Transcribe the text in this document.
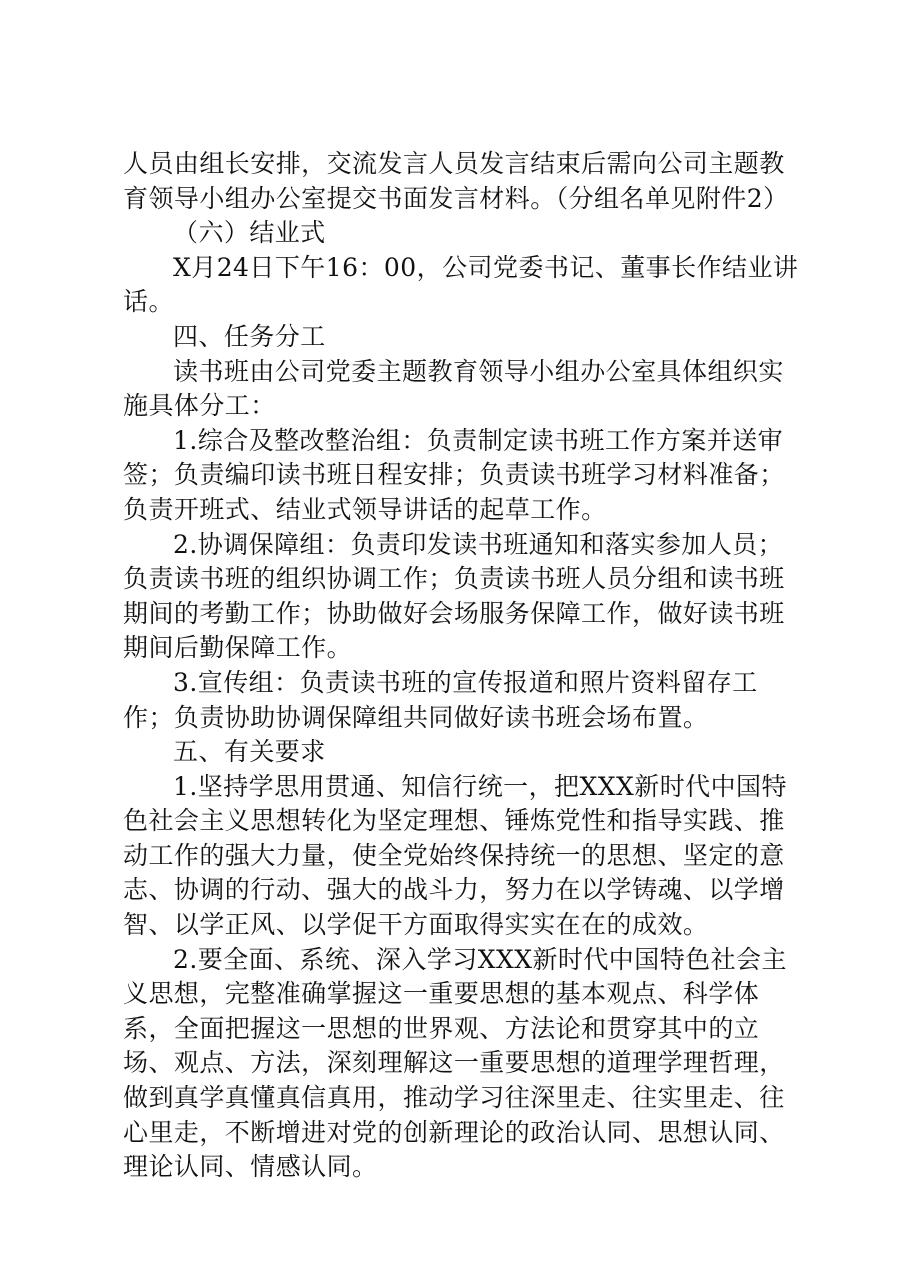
人员由组长安排，交流发言人员发言结束后需向公司主题教育领导小组办公室提交书面发言材料。（分组名单见附件2）

（六）结业式

X月24日下午16：00，公司党委书记、董事长作结业讲话。

四、任务分工

读书班由公司党委主题教育领导小组办公室具体组织实施具体分工：

1.综合及整改整治组：负责制定读书班工作方案并送审签；负责编印读书班日程安排；负责读书班学习材料准备；负责开班式、结业式领导讲话的起草工作。

2.协调保障组：负责印发读书班通知和落实参加人员；负责读书班的组织协调工作；负责读书班人员分组和读书班期间的考勤工作；协助做好会场服务保障工作，做好读书班期间后勤保障工作。

3.宣传组：负责读书班的宣传报道和照片资料留存工作；负责协助协调保障组共同做好读书班会场布置。

五、有关要求

1.坚持学思用贯通、知信行统一，把XXX新时代中国特色社会主义思想转化为坚定理想、锤炼党性和指导实践、推动工作的强大力量，使全党始终保持统一的思想、坚定的意志、协调的行动、强大的战斗力，努力在以学铸魂、以学增智、以学正风、以学促干方面取得实实在在的成效。

2.要全面、系统、深入学习XXX新时代中国特色社会主义思想，完整准确掌握这一重要思想的基本观点、科学体系，全面把握这一思想的世界观、方法论和贯穿其中的立场、观点、方法，深刻理解这一重要思想的道理学理哲理，做到真学真懂真信真用，推动学习往深里走、往实里走、往心里走，不断增进对党的创新理论的政治认同、思想认同、理论认同、情感认同。
